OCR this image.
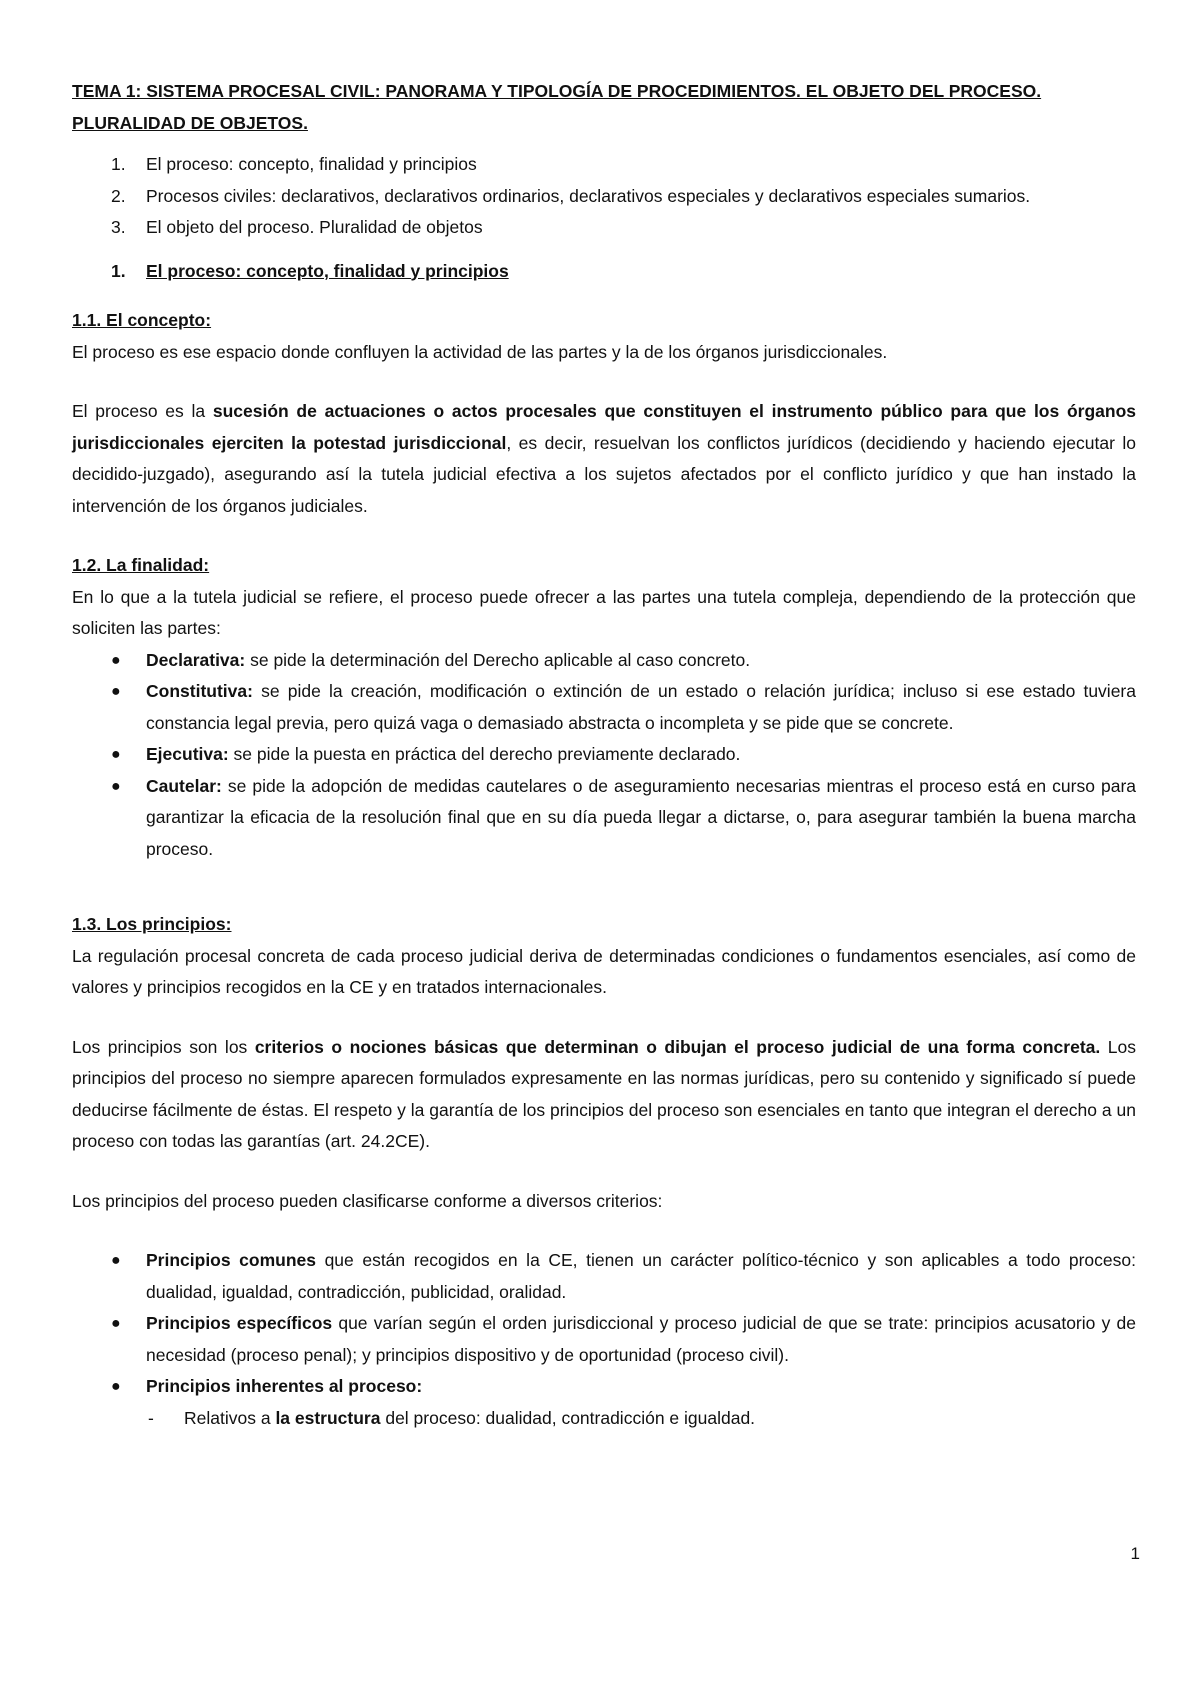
TEMA 1: SISTEMA PROCESAL CIVIL: PANORAMA Y TIPOLOGÍA DE PROCEDIMIENTOS. EL OBJETO DEL PROCESO. PLURALIDAD DE OBJETOS.
1. El proceso: concepto, finalidad y principios
2. Procesos civiles: declarativos, declarativos ordinarios, declarativos especiales y declarativos especiales sumarios.
3. El objeto del proceso. Pluralidad de objetos
1. El proceso: concepto, finalidad y principios
1.1. El concepto:

El proceso es ese espacio donde confluyen la actividad de las partes y la de los órganos jurisdiccionales.

El proceso es la sucesión de actuaciones o actos procesales que constituyen el instrumento público para que los órganos jurisdiccionales ejerciten la potestad jurisdiccional, es decir, resuelvan los conflictos jurídicos (decidiendo y haciendo ejecutar lo decidido-juzgado), asegurando así la tutela judicial efectiva a los sujetos afectados por el conflicto jurídico y que han instado la intervención de los órganos judiciales.

1.2. La finalidad:

En lo que a la tutela judicial se refiere, el proceso puede ofrecer a las partes una tutela compleja, dependiendo de la protección que soliciten las partes:

● Declarativa: se pide la determinación del Derecho aplicable al caso concreto.
● Constitutiva: se pide la creación, modificación o extinción de un estado o relación jurídica; incluso si ese estado tuviera constancia legal previa, pero quizá vaga o demasiado abstracta o incompleta y se pide que se concrete.
● Ejecutiva: se pide la puesta en práctica del derecho previamente declarado.
● Cautelar: se pide la adopción de medidas cautelares o de aseguramiento necesarias mientras el proceso está en curso para garantizar la eficacia de la resolución final que en su día pueda llegar a dictarse, o, para asegurar también la buena marcha proceso.
1.3. Los principios:

La regulación procesal concreta de cada proceso judicial deriva de determinadas condiciones o fundamentos esenciales, así como de valores y principios recogidos en la CE y en tratados internacionales.

Los principios son los criterios o nociones básicas que determinan o dibujan el proceso judicial de una forma concreta. Los principios del proceso no siempre aparecen formulados expresamente en las normas jurídicas, pero su contenido y significado sí puede deducirse fácilmente de éstas. El respeto y la garantía de los principios del proceso son esenciales en tanto que integran el derecho a un proceso con todas las garantías (art. 24.2CE).

Los principios del proceso pueden clasificarse conforme a diversos criterios:

● Principios comunes que están recogidos en la CE, tienen un carácter político-técnico y son aplicables a todo proceso: dualidad, igualdad, contradicción, publicidad, oralidad.
● Principios específicos que varían según el orden jurisdiccional y proceso judicial de que se trate: principios acusatorio y de necesidad (proceso penal); y principios dispositivo y de oportunidad (proceso civil).
● Principios inherentes al proceso:
- Relativos a la estructura del proceso: dualidad, contradicción e igualdad.
1
